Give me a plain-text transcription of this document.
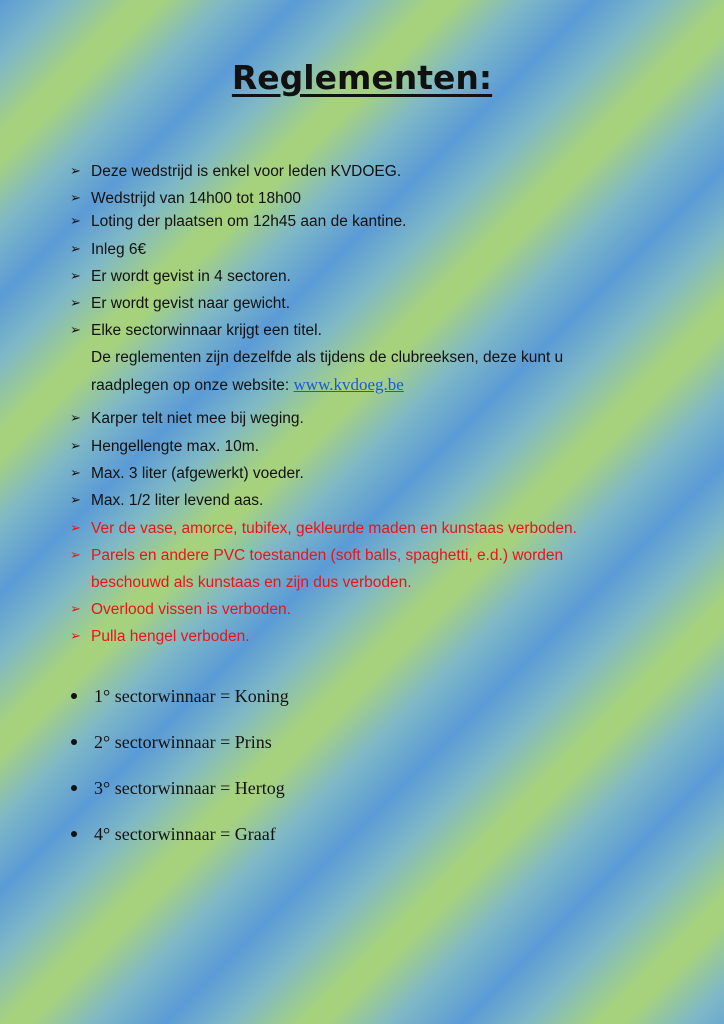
Reglementen:
➢ Deze wedstrijd is enkel voor leden KVDOEG.
➢ Wedstrijd van 14h00 tot 18h00
➢ Loting der plaatsen om 12h45 aan de kantine.
➢ Inleg 6€
➢ Er wordt gevist in 4 sectoren.
➢ Er wordt gevist naar gewicht.
➢ Elke sectorwinnaar krijgt een titel.
De reglementen zijn dezelfde als tijdens de clubreeksen, deze kunt u
raadplegen op onze website: www.kvdoeg.be
➢ Karper telt niet mee bij weging.
➢ Hengellengte max. 10m.
➢ Max. 3 liter (afgewerkt) voeder.
➢ Max. 1/2 liter levend aas.
➢ Ver de vase, amorce, tubifex, gekleurde maden en kunstaas verboden.
➢ Parels en andere PVC toestanden (soft balls, spaghetti, e.d.) worden
beschouwd als kunstaas en zijn dus verboden.
➢ Overlood vissen is verboden.
➢ Pulla hengel verboden.
1° sectorwinnaar = Koning
2° sectorwinnaar = Prins
3° sectorwinnaar = Hertog
4° sectorwinnaar = Graaf
